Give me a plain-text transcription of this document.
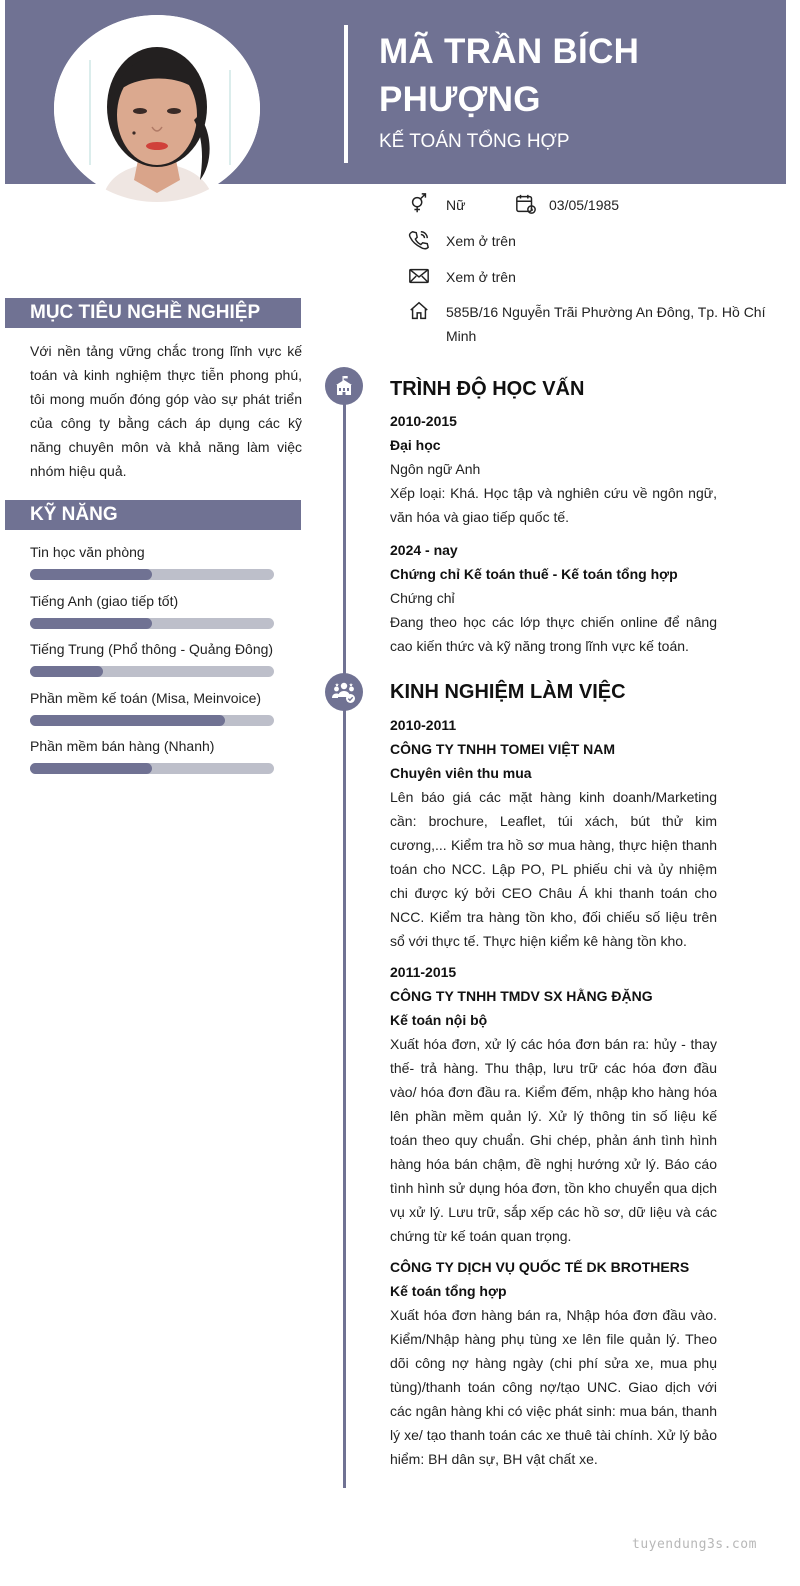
MÃ TRẦN BÍCH PHƯỢNG
KẾ TOÁN TỔNG HỢP
Nữ	03/05/1985
Xem ở trên
Xem ở trên
585B/16 Nguyễn Trãi Phường An Đông, Tp. Hồ Chí Minh
MỤC TIÊU NGHỀ NGHIỆP
Với nền tảng vững chắc trong lĩnh vực kế toán và kinh nghiệm thực tiễn phong phú, tôi mong muốn đóng góp vào sự phát triển của công ty bằng cách áp dụng các kỹ năng chuyên môn và khả năng làm việc nhóm hiệu quả.
KỸ NĂNG
Tin học văn phòng
Tiếng Anh (giao tiếp tốt)
Tiếng Trung (Phổ thông - Quảng Đông)
Phần mềm kế toán (Misa, Meinvoice)
Phần mềm bán hàng (Nhanh)
TRÌNH ĐỘ HỌC VẤN
2010-2015
Đại học
Ngôn ngữ Anh
Xếp loại: Khá. Học tập và nghiên cứu về ngôn ngữ, văn hóa và giao tiếp quốc tế.
2024 - nay
Chứng chỉ Kế toán thuế - Kế toán tổng hợp
Chứng chỉ
Đang theo học các lớp thực chiến online để nâng cao kiến thức và kỹ năng trong lĩnh vực kế toán.
KINH NGHIỆM LÀM VIỆC
2010-2011
CÔNG TY TNHH TOMEI VIỆT NAM
Chuyên viên thu mua
Lên báo giá các mặt hàng kinh doanh/Marketing cần: brochure, Leaflet, túi xách, bút thử kim cương,... Kiểm tra hồ sơ mua hàng, thực hiện thanh toán cho NCC. Lập PO, PL phiếu chi và ủy nhiệm chi được ký bởi CEO Châu Á khi thanh toán cho NCC. Kiểm tra hàng tồn kho, đối chiếu số liệu trên sổ với thực tế. Thực hiện kiểm kê hàng tồn kho.
2011-2015
CÔNG TY TNHH TMDV SX HẰNG ĐẶNG
Kế toán nội bộ
Xuất hóa đơn, xử lý các hóa đơn bán ra: hủy - thay thế- trả hàng. Thu thập, lưu trữ các hóa đơn đầu vào/ hóa đơn đầu ra. Kiểm đếm, nhập kho hàng hóa lên phần mềm quản lý. Xử lý thông tin số liệu kế toán theo quy chuẩn. Ghi chép, phản ánh tình hình hàng hóa bán chậm, đề nghị hướng xử lý. Báo cáo tình hình sử dụng hóa đơn, tồn kho chuyển qua dịch vụ xử lý. Lưu trữ, sắp xếp các hồ sơ, dữ liệu và các chứng từ kế toán quan trọng.
CÔNG TY DỊCH VỤ QUỐC TẾ DK BROTHERS
Kế toán tổng hợp
Xuất hóa đơn hàng bán ra, Nhập hóa đơn đầu vào. Kiểm/Nhập hàng phụ tùng xe lên file quản lý. Theo dõi công nợ hàng ngày (chi phí sửa xe, mua phụ tùng)/thanh toán công nợ/tạo UNC. Giao dịch với các ngân hàng khi có việc phát sinh: mua bán, thanh lý xe/ tạo thanh toán các xe thuê tài chính. Xử lý bảo hiểm: BH dân sự, BH vật chất xe.
tuyendung3s.com
